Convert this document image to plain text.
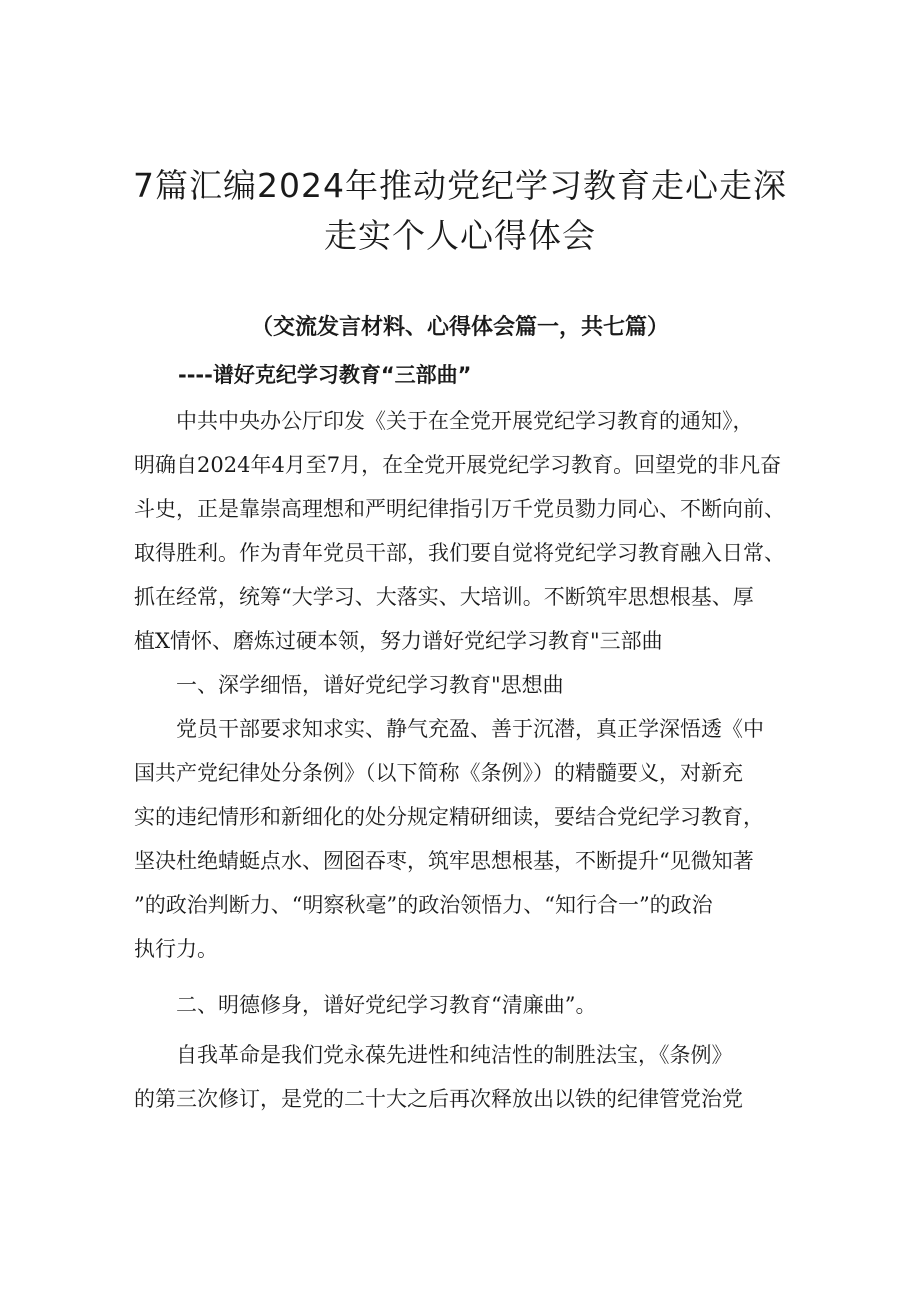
7篇汇编2024年推动党纪学习教育走心走深
走实个人心得体会
（交流发言材料、心得体会篇一，共七篇）
----谱好克纪学习教育“三部曲”
中共中央办公厅印发《关于在全党开展党纪学习教育的通知》，
明确自2024年4月至7月，在全党开展党纪学习教育。回望党的非凡奋
斗史，正是靠崇高理想和严明纪律指引万千党员勠力同心、不断向前、
取得胜利。作为青年党员干部，我们要自觉将党纪学习教育融入日常、
抓在经常，统筹“大学习、大落实、大培训。不断筑牢思想根基、厚
植X情怀、磨炼过硬本领，努力谱好党纪学习教育"三部曲
一、深学细悟，谱好党纪学习教育"思想曲
党员干部要求知求实、静气充盈、善于沉潜，真正学深悟透《中
国共产党纪律处分条例》（以下简称《条例》）的精髓要义，对新充
实的违纪情形和新细化的处分规定精研细读，要结合党纪学习教育，
坚决杜绝蜻蜓点水、囫囵吞枣，筑牢思想根基，不断提升“见微知著
”的政治判断力、“明察秋毫”的政治领悟力、“知行合一”的政治
执行力。
二、明德修身，谱好党纪学习教育“清廉曲”。
自我革命是我们党永葆先进性和纯洁性的制胜法宝，《条例》
的第三次修订，是党的二十大之后再次释放出以铁的纪律管党治党
